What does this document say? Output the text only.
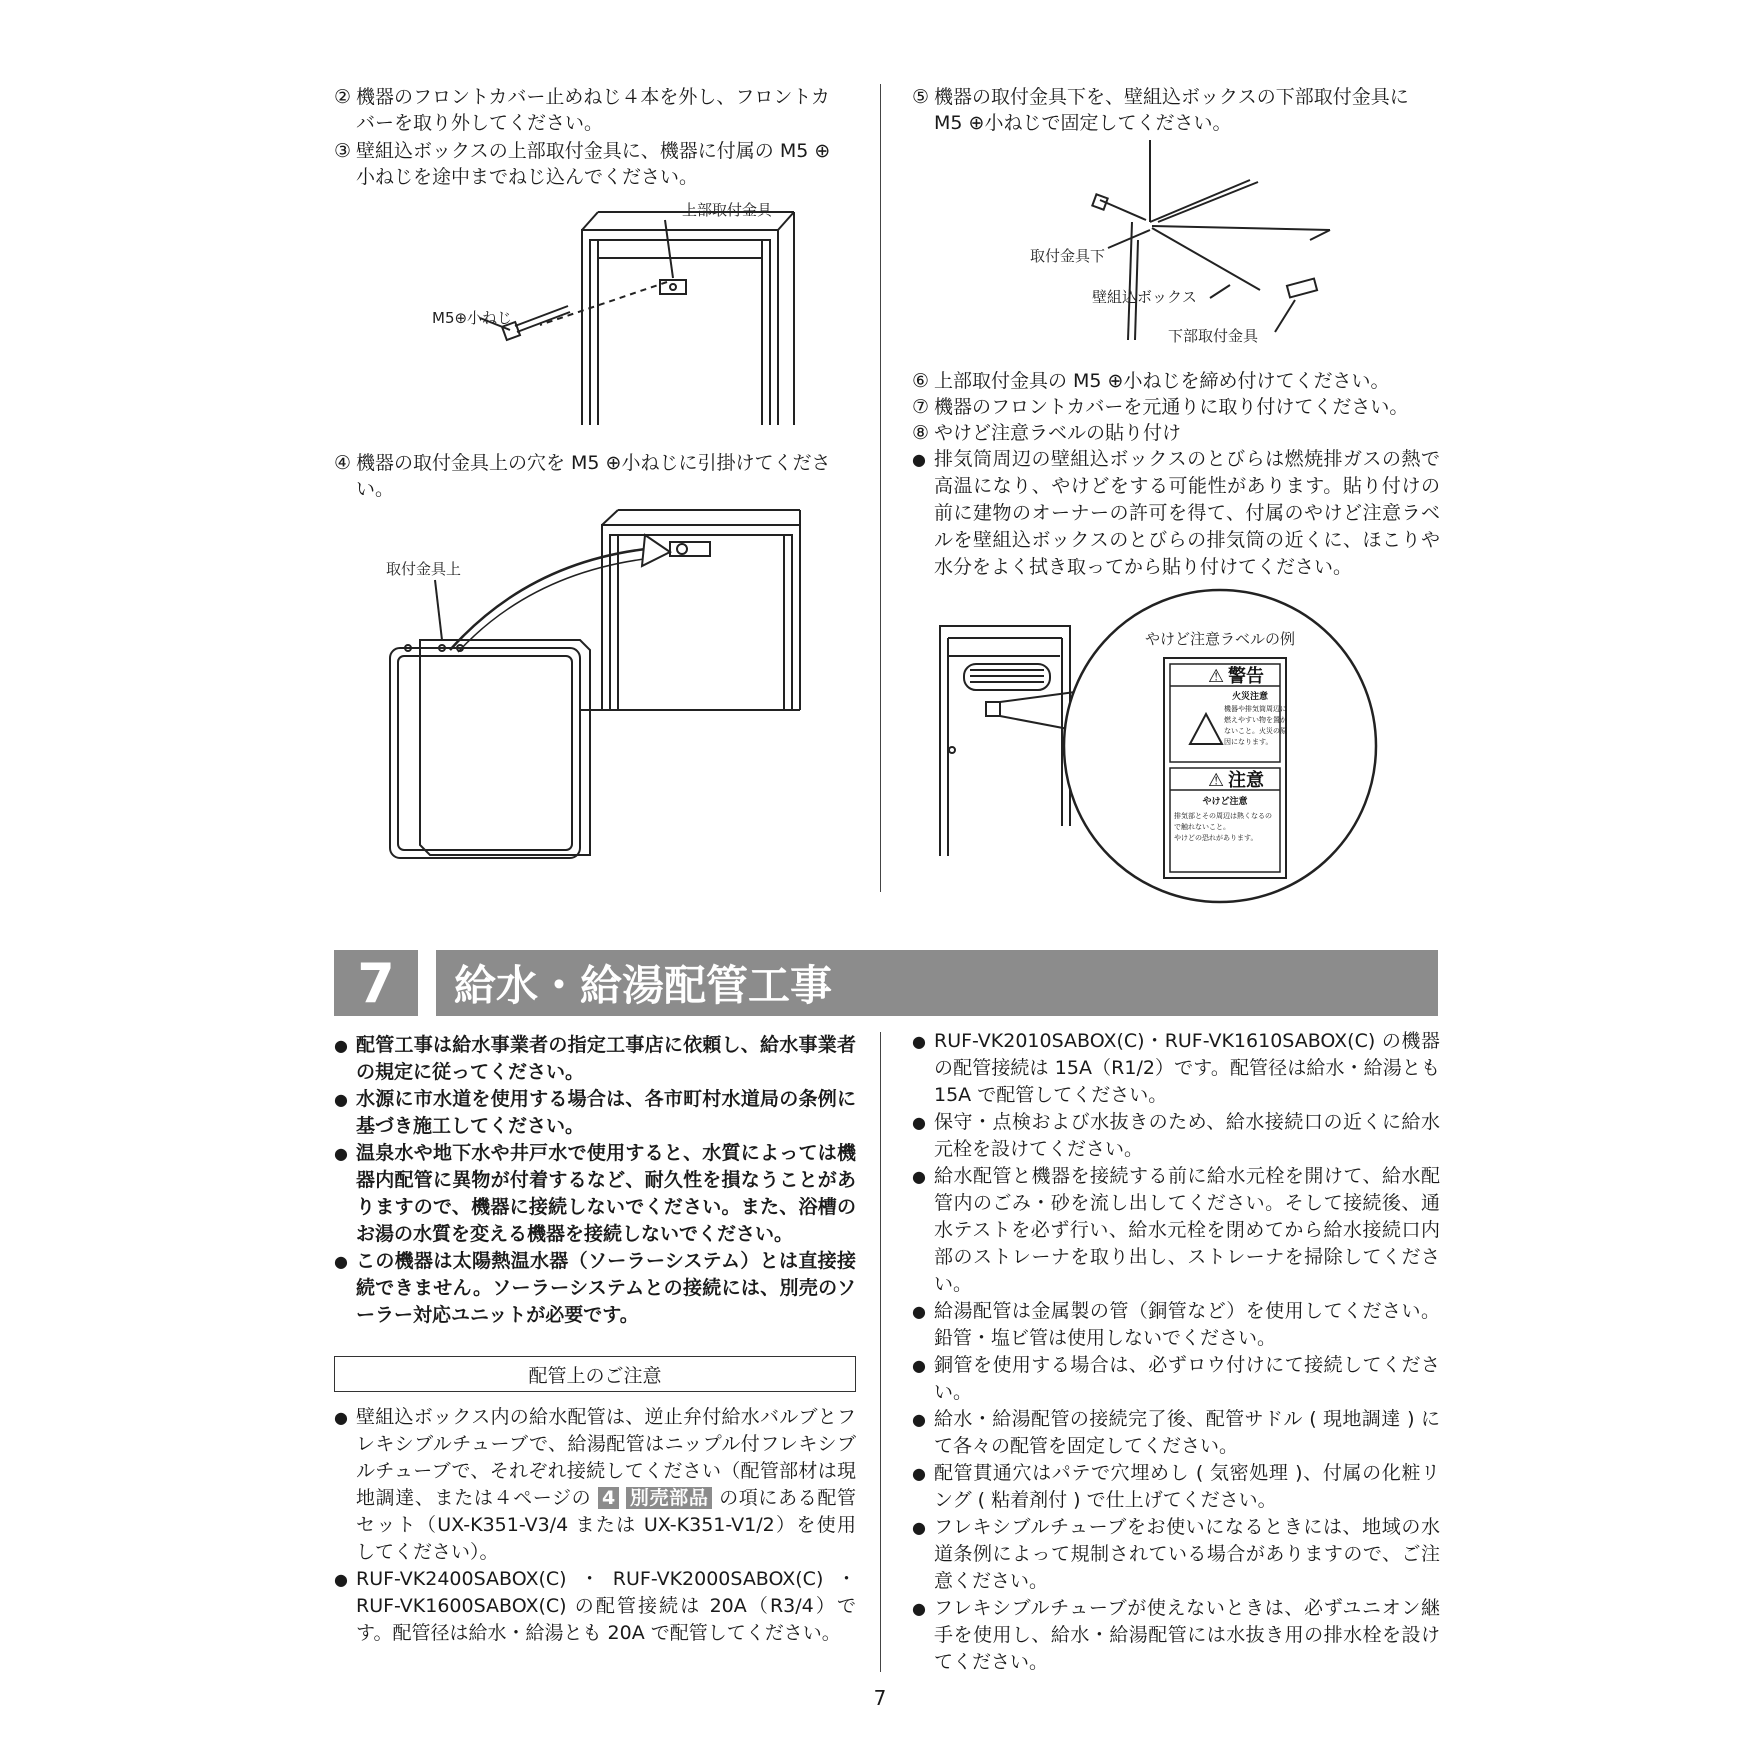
② 機器のフロントカバー止めねじ４本を外し、フロントカ
バーを取り外してください。
③ 壁組込ボックスの上部取付金具に、機器に付属の M5 ⊕
小ねじを途中までねじ込んでください。
上部取付金具
M5⊕小ねじ
④ 機器の取付金具上の穴を M5 ⊕小ねじに引掛けてくださ
い。
取付金具上
⑤ 機器の取付金具下を、壁組込ボックスの下部取付金具に
M5 ⊕小ねじで固定してください。
取付金具下
壁組込ボックス
下部取付金具
⑥ 上部取付金具の M5 ⊕小ねじを締め付けてください。
⑦ 機器のフロントカバーを元通りに取り付けてください。
⑧ やけど注意ラベルの貼り付け
● 排気筒周辺の壁組込ボックスのとびらは燃焼排ガスの熱で高温になり、やけどをする可能性があります。貼り付けの前に建物のオーナーの許可を得て、付属のやけど注意ラベルを壁組込ボックスのとびらの排気筒の近くに、ほこりや水分をよく拭き取ってから貼り付けてください。
やけど注意ラベルの例
⚠ 警告
火災注意
機器や排気筒周辺に
燃えやすい物を置か
ないこと。火災の原
因になります。
⚠ 注意
やけど注意
排気部とその周辺は熱くなるの
で触れないこと。
やけどの恐れがあります。
7	給水・給湯配管工事
● 配管工事は給水事業者の指定工事店に依頼し、給水事業者の規定に従ってください。
● 水源に市水道を使用する場合は、各市町村水道局の条例に基づき施工してください。
● 温泉水や地下水や井戸水で使用すると、水質によっては機器内配管に異物が付着するなど、耐久性を損なうことがありますので、機器に接続しないでください。また、浴槽のお湯の水質を変える機器を接続しないでください。
● この機器は太陽熱温水器（ソーラーシステム）とは直接接続できません。ソーラーシステムとの接続には、別売のソーラー対応ユニットが必要です。
配管上のご注意
● 壁組込ボックス内の給水配管は、逆止弁付給水バルブとフレキシブルチューブで、給湯配管はニップル付フレキシブルチューブで、それぞれ接続してください（配管部材は現地調達、または４ページの 4 別売部品 の項にある配管セット（UX-K351-V3/4 または UX-K351-V1/2）を使用してください）。
● RUF-VK2400SABOX(C)・RUF-VK2000SABOX(C)・RUF-VK1600SABOX(C) の配管接続は 20A（R3/4）です。配管径は給水・給湯とも 20A で配管してください。
● RUF-VK2010SABOX(C)・RUF-VK1610SABOX(C) の機器の配管接続は 15A（R1/2）です。配管径は給水・給湯とも 15A で配管してください。
● 保守・点検および水抜きのため、給水接続口の近くに給水元栓を設けてください。
● 給水配管と機器を接続する前に給水元栓を開けて、給水配管内のごみ・砂を流し出してください。そして接続後、通水テストを必ず行い、給水元栓を閉めてから給水接続口内部のストレーナを取り出し、ストレーナを掃除してください。
● 給湯配管は金属製の管（銅管など）を使用してください。鉛管・塩ビ管は使用しないでください。
● 銅管を使用する場合は、必ずロウ付けにて接続してください。
● 給水・給湯配管の接続完了後、配管サドル ( 現地調達 ) にて各々の配管を固定してください。
● 配管貫通穴はパテで穴埋めし ( 気密処理 )、付属の化粧リング ( 粘着剤付 ) で仕上げてください。
● フレキシブルチューブをお使いになるときには、地域の水道条例によって規制されている場合がありますので、ご注意ください。
● フレキシブルチューブが使えないときは、必ずユニオン継手を使用し、給水・給湯配管には水抜き用の排水栓を設けてください。
7
